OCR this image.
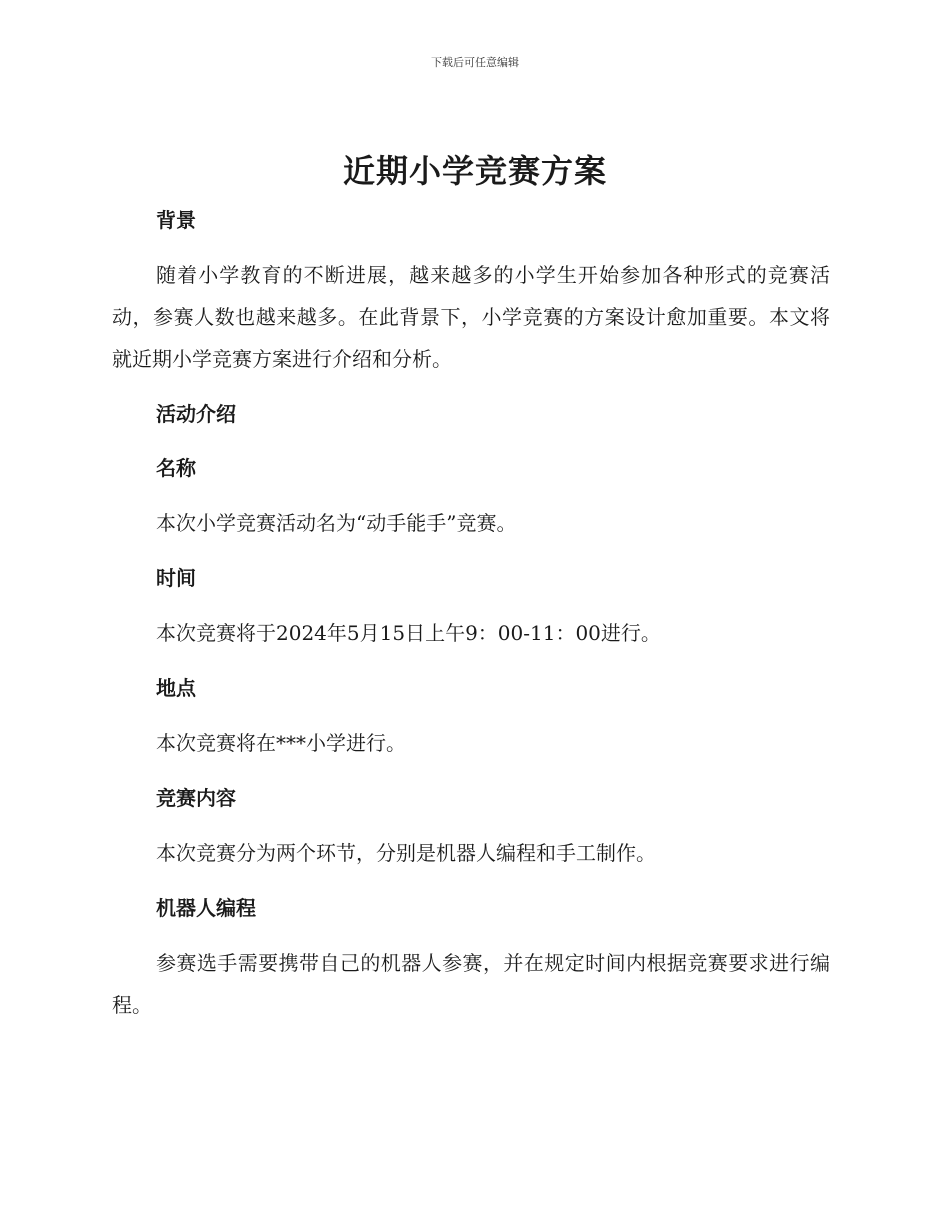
下载后可任意编辑
近期小学竞赛方案
背景

随着小学教育的不断进展，越来越多的小学生开始参加各种形式的竞赛活动，参赛人数也越来越多。在此背景下，小学竞赛的方案设计愈加重要。本文将就近期小学竞赛方案进行介绍和分析。

活动介绍
名称

本次小学竞赛活动名为“动手能手”竞赛。

时间

本次竞赛将于2024年5月15日上午9：00-11：00进行。

地点

本次竞赛将在***小学进行。

竞赛内容

本次竞赛分为两个环节，分别是机器人编程和手工制作。

机器人编程

参赛选手需要携带自己的机器人参赛，并在规定时间内根据竞赛要求进行编程。
